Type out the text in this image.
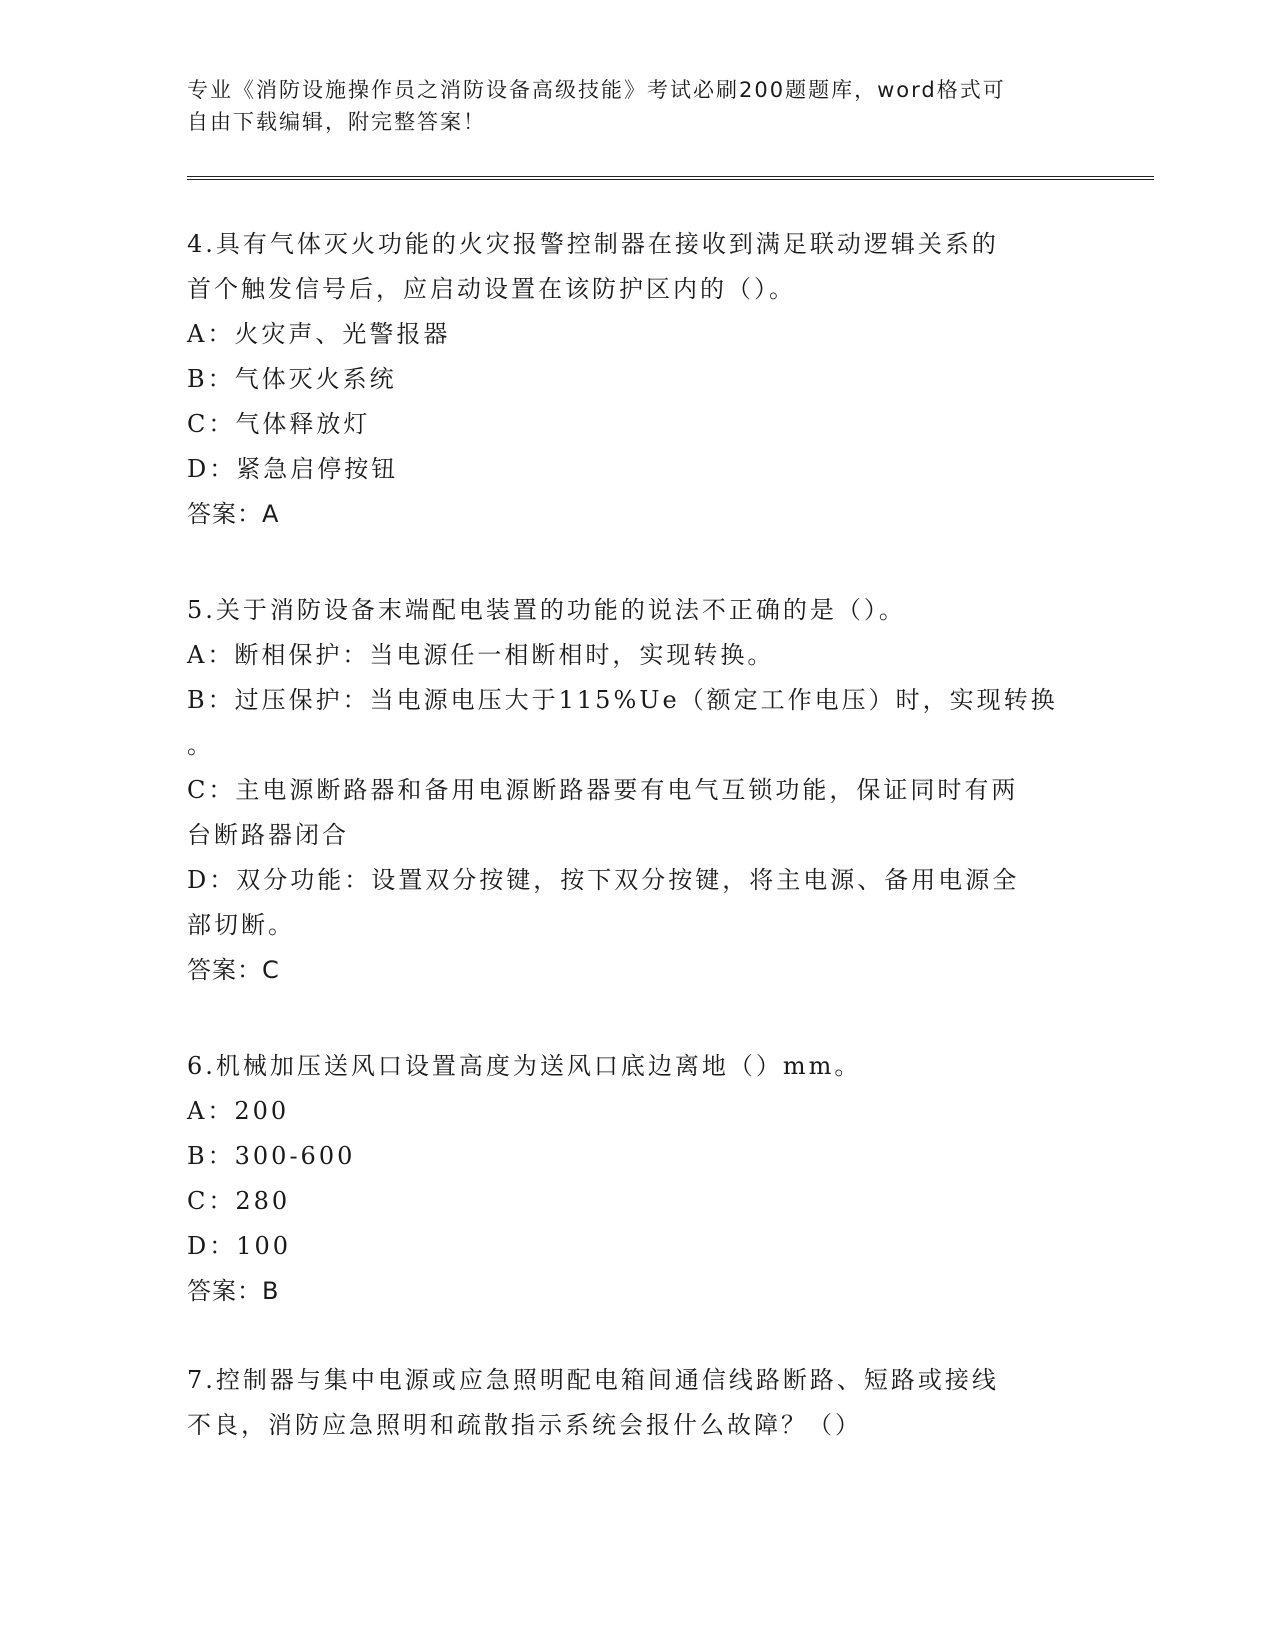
专业《消防设施操作员之消防设备高级技能》考试必刷200题题库，word格式可
自由下载编辑，附完整答案！
4.具有气体灭火功能的火灾报警控制器在接收到满足联动逻辑关系的
首个触发信号后，应启动设置在该防护区内的（）。
A：火灾声、光警报器
B：气体灭火系统
C：气体释放灯
D：紧急启停按钮
答案：A
5.关于消防设备末端配电装置的功能的说法不正确的是（）。
A：断相保护：当电源任一相断相时，实现转换。
B：过压保护：当电源电压大于115%Ue（额定工作电压）时，实现转换
。
C：主电源断路器和备用电源断路器要有电气互锁功能，保证同时有两
台断路器闭合
D：双分功能：设置双分按键，按下双分按键，将主电源、备用电源全
部切断。
答案：C
6.机械加压送风口设置高度为送风口底边离地（）mm。
A：200
B：300-600
C：280
D：100
答案：B
7.控制器与集中电源或应急照明配电箱间通信线路断路、短路或接线
不良，消防应急照明和疏散指示系统会报什么故障？（）
